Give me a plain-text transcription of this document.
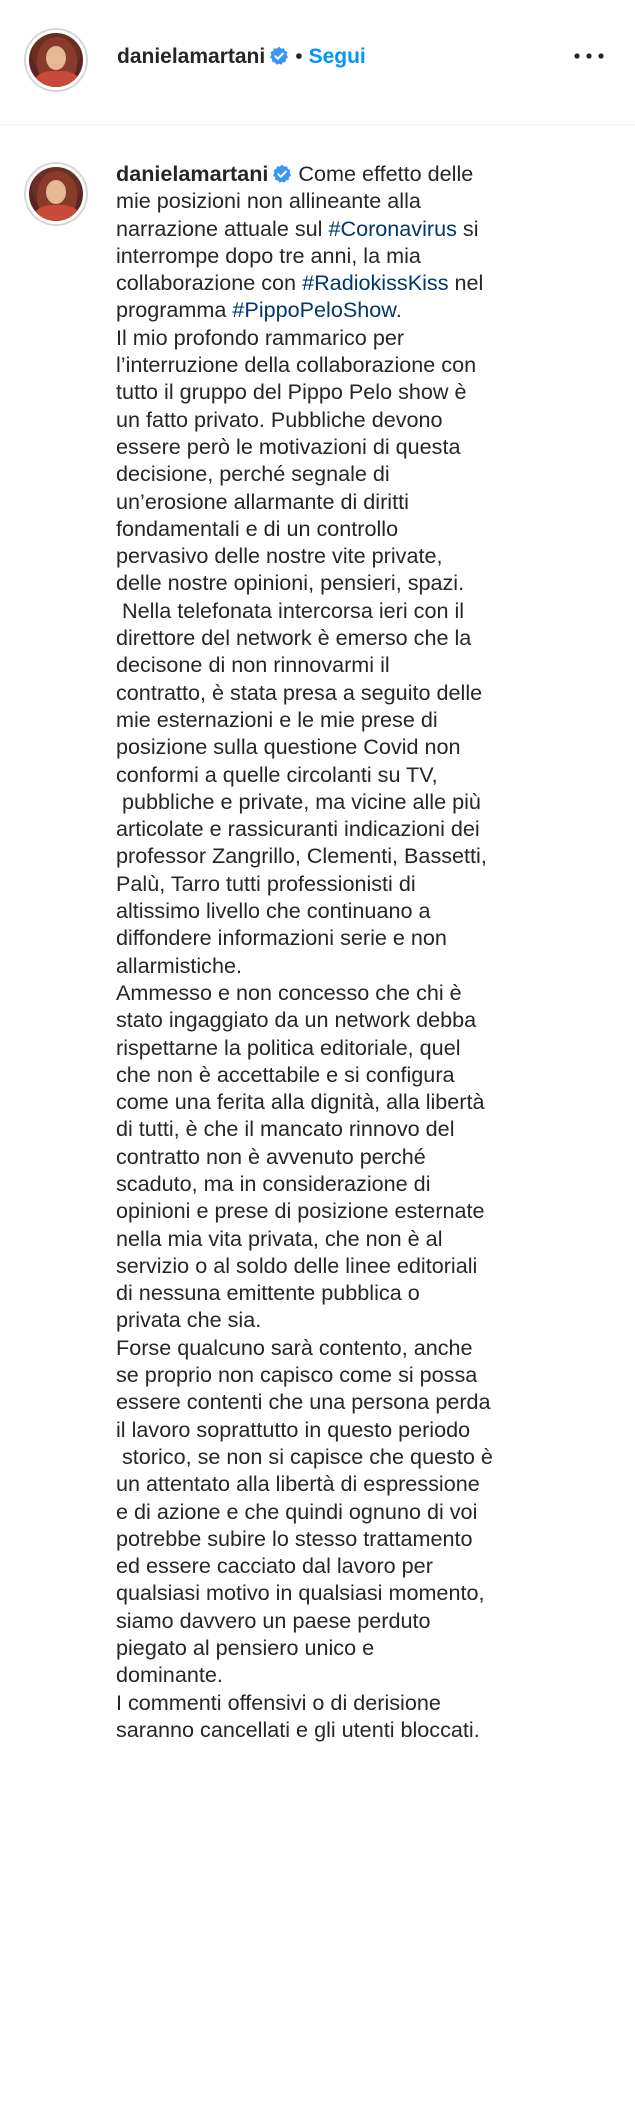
danielamartani • Segui
danielamartani Come effetto delle
mie posizioni non allineante alla
narrazione attuale sul #Coronavirus si
interrompe dopo tre anni, la mia
collaborazione con #RadiokissKiss nel
programma #PippoPeloShow.
Il mio profondo rammarico per
l’interruzione della collaborazione con
tutto il gruppo del Pippo Pelo show è
un fatto privato. Pubbliche devono
essere però le motivazioni di questa
decisione, perché segnale di
un’erosione allarmante di diritti
fondamentali e di un controllo
pervasivo delle nostre vite private,
delle nostre opinioni, pensieri, spazi.
Nella telefonata intercorsa ieri con il
direttore del network è emerso che la
decisone di non rinnovarmi il
contratto, è stata presa a seguito delle
mie esternazioni e le mie prese di
posizione sulla questione Covid non
conformi a quelle circolanti su TV,
pubbliche e private, ma vicine alle più
articolate e rassicuranti indicazioni dei
professor Zangrillo, Clementi, Bassetti,
Palù, Tarro tutti professionisti di
altissimo livello che continuano a
diffondere informazioni serie e non
allarmistiche.
Ammesso e non concesso che chi è
stato ingaggiato da un network debba
rispettarne la politica editoriale, quel
che non è accettabile e si configura
come una ferita alla dignità, alla libertà
di tutti, è che il mancato rinnovo del
contratto non è avvenuto perché
scaduto, ma in considerazione di
opinioni e prese di posizione esternate
nella mia vita privata, che non è al
servizio o al soldo delle linee editoriali
di nessuna emittente pubblica o
privata che sia.
Forse qualcuno sarà contento, anche
se proprio non capisco come si possa
essere contenti che una persona perda
il lavoro soprattutto in questo periodo
storico, se non si capisce che questo è
un attentato alla libertà di espressione
e di azione e che quindi ognuno di voi
potrebbe subire lo stesso trattamento
ed essere cacciato dal lavoro per
qualsiasi motivo in qualsiasi momento,
siamo davvero un paese perduto
piegato al pensiero unico e
dominante.
I commenti offensivi o di derisione
saranno cancellati e gli utenti bloccati.
